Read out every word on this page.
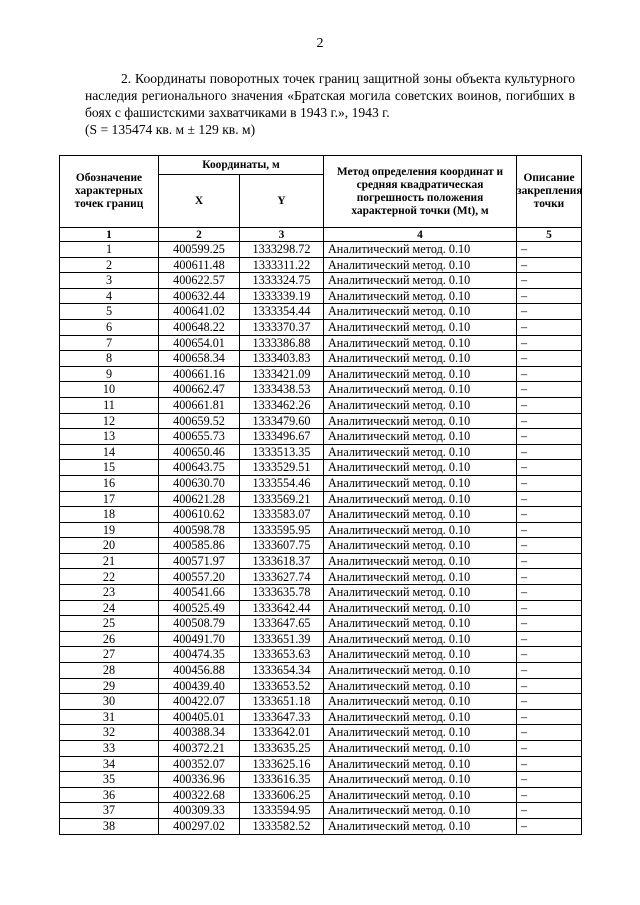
2

2. Координаты поворотных точек границ защитной зоны объекта культурного наследия регионального значения «Братская могила советских воинов, погибших в боях с фашистскими захватчиками в 1943 г.», 1943 г.

(S = 135474 кв. м ± 129 кв. м)

Обозначение характерных точек границ	Координаты, м		Метод определения координат и средняя квадратическая погрешность положения характерной точки (Mt), м	Описание закрепления точки
	X	Y		
1	2	3	4	5
1	400599.25	1333298.72	Аналитический метод. 0.10	–
2	400611.48	1333311.22	Аналитический метод. 0.10	–
3	400622.57	1333324.75	Аналитический метод. 0.10	–
4	400632.44	1333339.19	Аналитический метод. 0.10	–
5	400641.02	1333354.44	Аналитический метод. 0.10	–
6	400648.22	1333370.37	Аналитический метод. 0.10	–
7	400654.01	1333386.88	Аналитический метод. 0.10	–
8	400658.34	1333403.83	Аналитический метод. 0.10	–
9	400661.16	1333421.09	Аналитический метод. 0.10	–
10	400662.47	1333438.53	Аналитический метод. 0.10	–
11	400661.81	1333462.26	Аналитический метод. 0.10	–
12	400659.52	1333479.60	Аналитический метод. 0.10	–
13	400655.73	1333496.67	Аналитический метод. 0.10	–
14	400650.46	1333513.35	Аналитический метод. 0.10	–
15	400643.75	1333529.51	Аналитический метод. 0.10	–
16	400630.70	1333554.46	Аналитический метод. 0.10	–
17	400621.28	1333569.21	Аналитический метод. 0.10	–
18	400610.62	1333583.07	Аналитический метод. 0.10	–
19	400598.78	1333595.95	Аналитический метод. 0.10	–
20	400585.86	1333607.75	Аналитический метод. 0.10	–
21	400571.97	1333618.37	Аналитический метод. 0.10	–
22	400557.20	1333627.74	Аналитический метод. 0.10	–
23	400541.66	1333635.78	Аналитический метод. 0.10	–
24	400525.49	1333642.44	Аналитический метод. 0.10	–
25	400508.79	1333647.65	Аналитический метод. 0.10	–
26	400491.70	1333651.39	Аналитический метод. 0.10	–
27	400474.35	1333653.63	Аналитический метод. 0.10	–
28	400456.88	1333654.34	Аналитический метод. 0.10	–
29	400439.40	1333653.52	Аналитический метод. 0.10	–
30	400422.07	1333651.18	Аналитический метод. 0.10	–
31	400405.01	1333647.33	Аналитический метод. 0.10	–
32	400388.34	1333642.01	Аналитический метод. 0.10	–
33	400372.21	1333635.25	Аналитический метод. 0.10	–
34	400352.07	1333625.16	Аналитический метод. 0.10	–
35	400336.96	1333616.35	Аналитический метод. 0.10	–
36	400322.68	1333606.25	Аналитический метод. 0.10	–
37	400309.33	1333594.95	Аналитический метод. 0.10	–
38	400297.02	1333582.52	Аналитический метод. 0.10	–
